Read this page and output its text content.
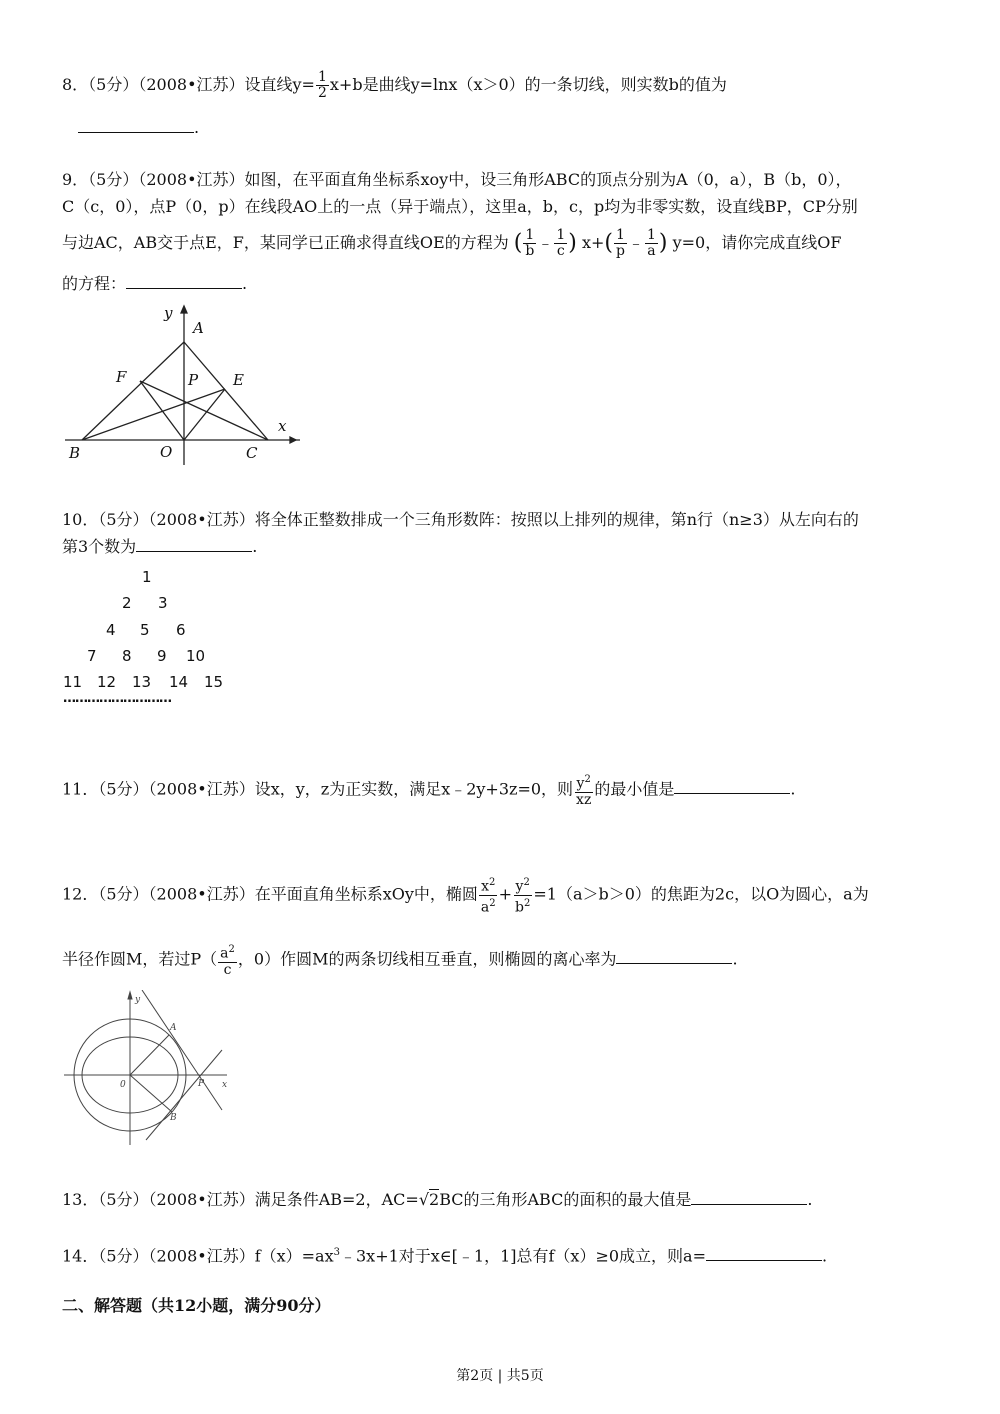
8．（5分）（2008•江苏）设直线$y= \frac{1}{2} x+b$是曲线y=lnx（x＞0）的一条切线，则实数b的值为
.
9．（5分）（2008•江苏）如图，在平面直角坐标系xoy中，设三角形ABC的顶点分别为A（0，a），B（b，0），
C（c，0），点P（0，p）在线段AO上的一点（异于端点），这里a，b，c，p均为非零实数，设直线BP，CP分别
与边AC，AB交于点E，F，某同学已正确求得直线OE的方程为 ( $\frac{1}{b}$ ﹣ $\frac{1}{c}$ ) $x+( \frac{1}{p}$ ﹣ $\frac{1}{a}$ ) y=0，请你完成直线OF
的方程：	.
A
B	C
O
P E
F
x
y
10．（5分）（2008•江苏）将全体正整数排成一个三角形数阵：按照以上排列的规律，第n行（n≥3）从左向右的
第3个数为	.
1
2 3
4 5 6
7 8 9 10
11 12 13 14 15
………………………
11．（5分）（2008•江苏）设x，y，z为正实数，满足x﹣2y+3z=0，则 $\frac{y^2}{xz}$ 的最小值是	.
12．（5分）（2008•江苏）在平面直角坐标系xOy中，椭圆 $\frac{x^2}{a^2} + \frac{y^2}{b^2} =1(a>b>0)$的焦距为2c，以O为圆心，a为
半径作圆M，若过$P( \frac{a^2}{c}$ ，0）作圆M的两条切线相互垂直，则椭圆的离心率为	.
A
B
0	P x
y
13．（5分）（2008•江苏）满足条件AB=2，AC=√2BC的三角形ABC的面积的最大值是	.
14．（5分）（2008•江苏）$f(x)=ax^3﹣3x+1$对于x∈[﹣1，1]总有f（x）≥0成立，则a=	.
二、解答题（共12小题，满分90分）
第2页 | 共5页
